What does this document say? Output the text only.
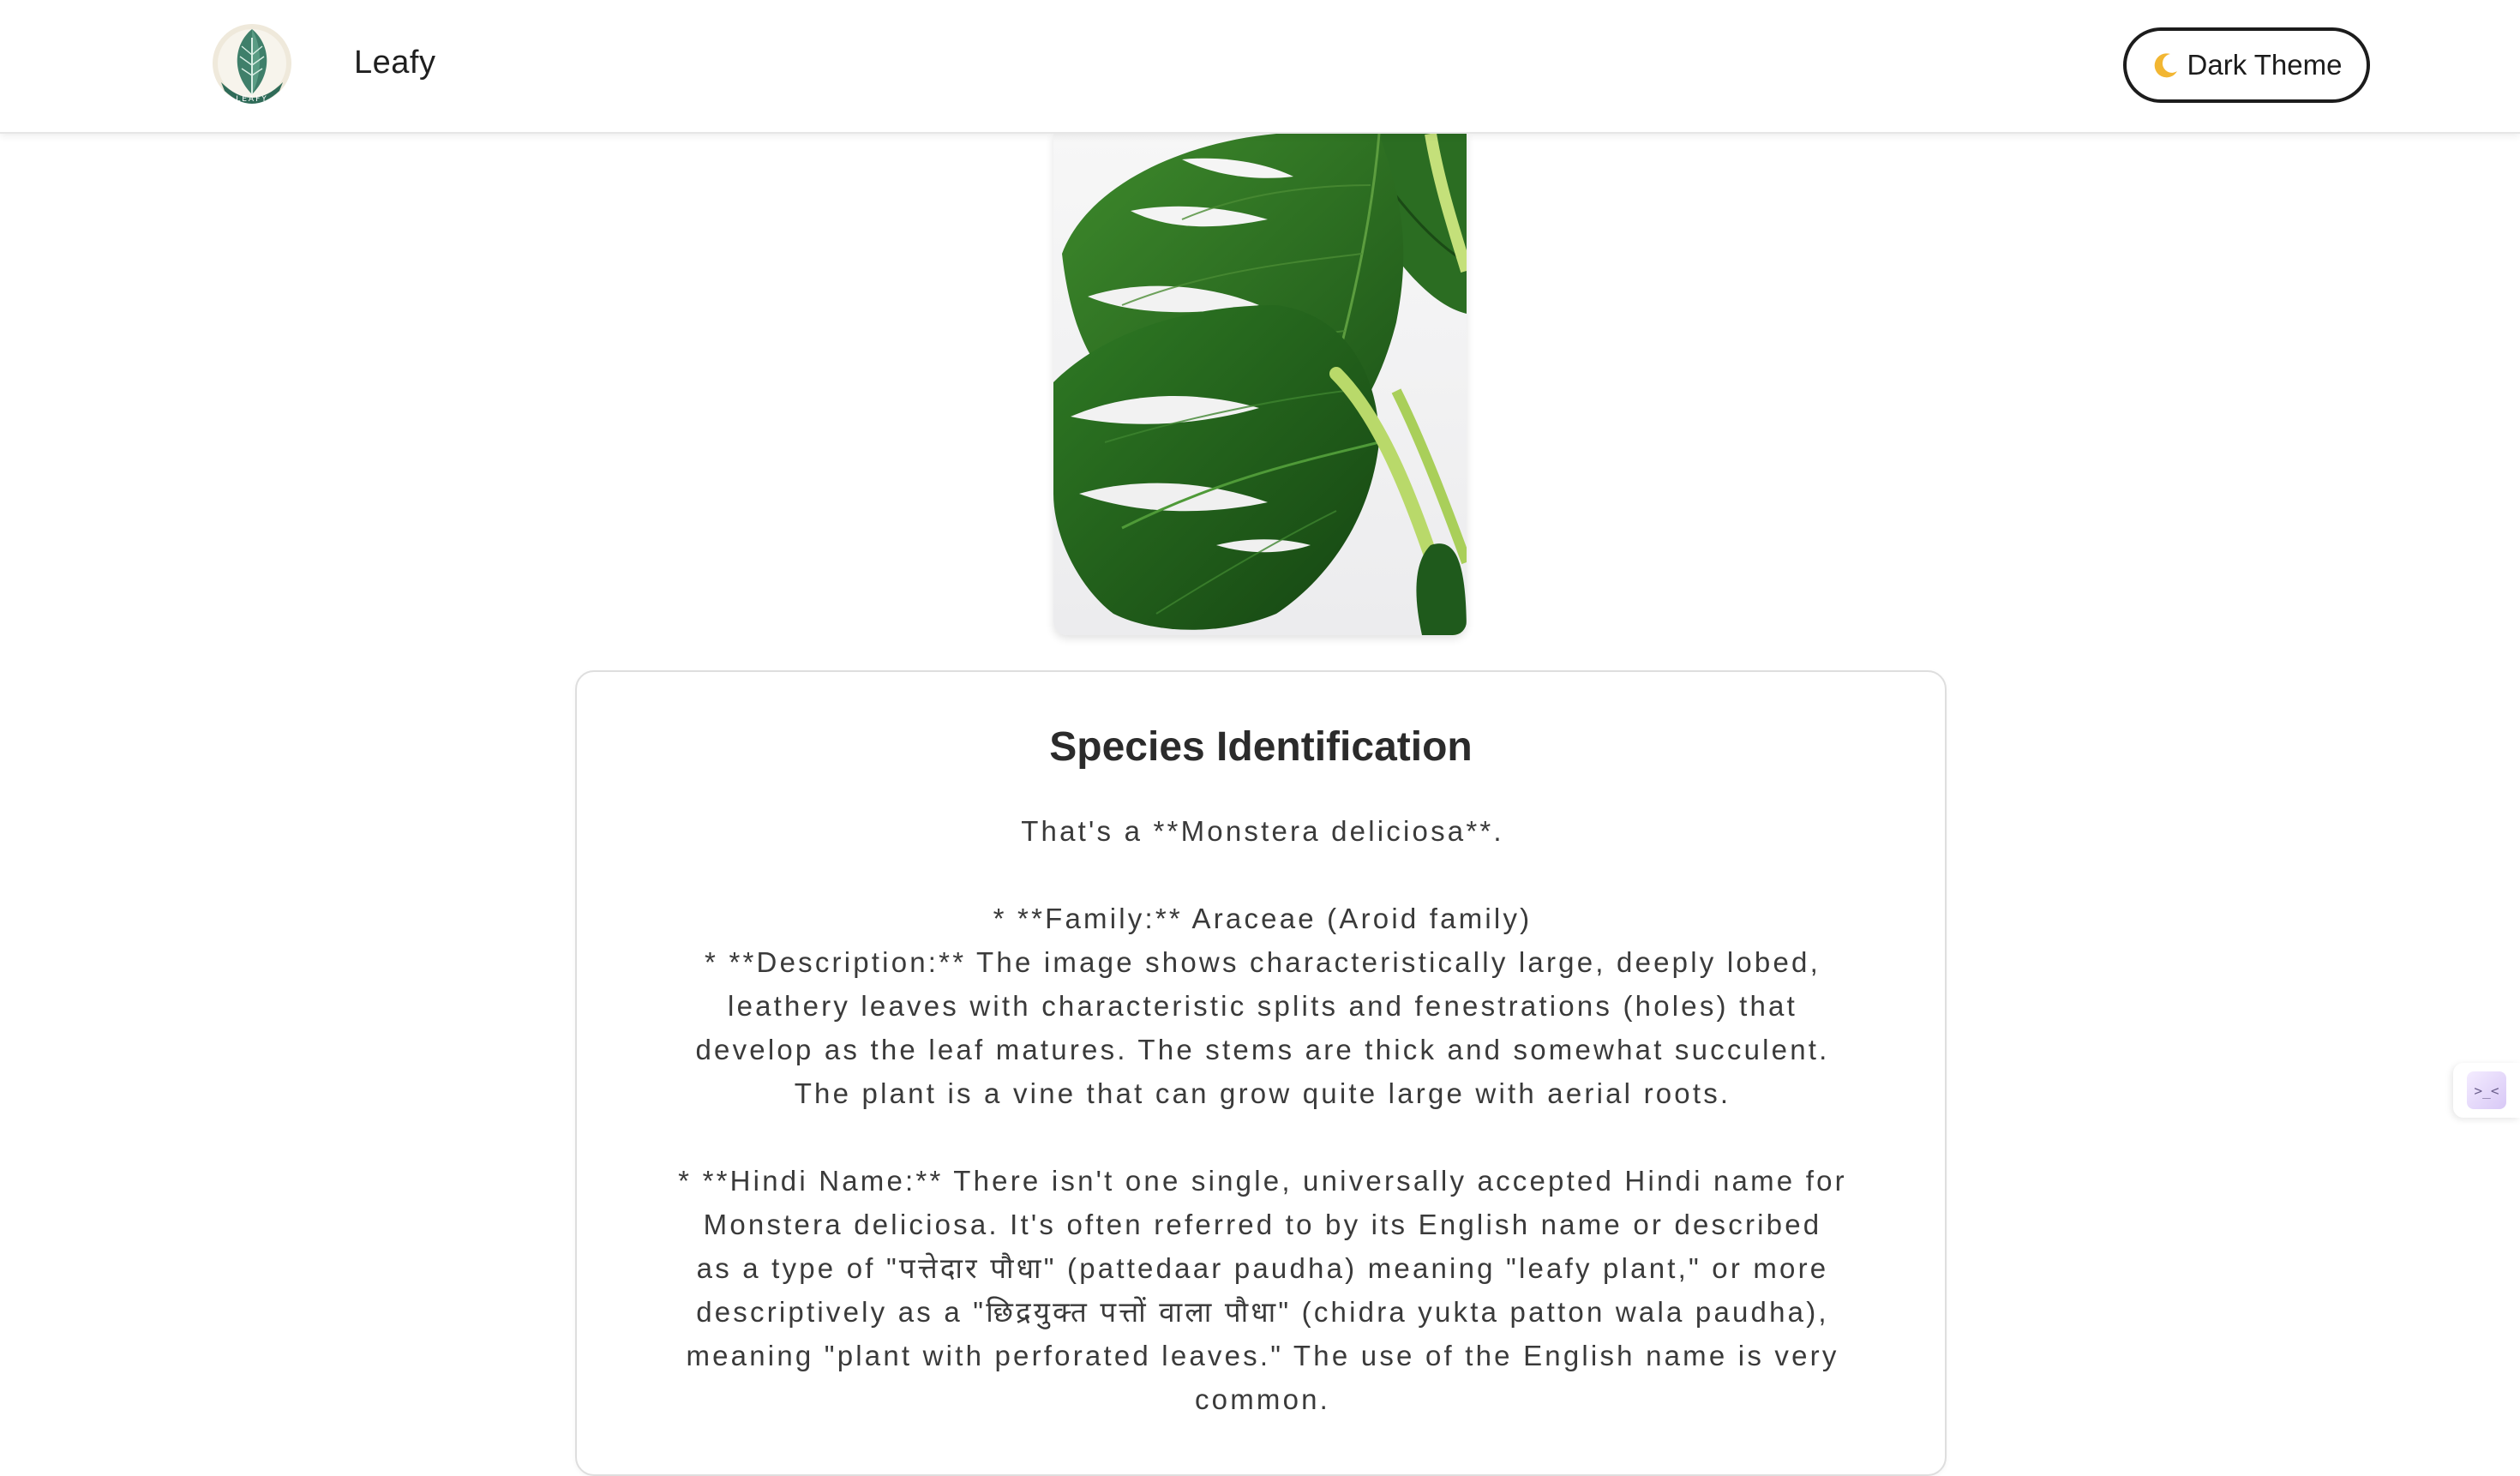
LEAFY
Leafy	Dark Theme
Species Identification

That's a **Monstera deliciosa**.

* **Family:** Araceae (Aroid family)
* **Description:** The image shows characteristically large, deeply lobed,
leathery leaves with characteristic splits and fenestrations (holes) that
develop as the leaf matures. The stems are thick and somewhat succulent.
The plant is a vine that can grow quite large with aerial roots.

* **Hindi Name:** There isn't one single, universally accepted Hindi name for
Monstera deliciosa. It's often referred to by its English name or described
as a type of "पत्तेदार पौधा" (pattedaar paudha) meaning "leafy plant," or more
descriptively as a "छिद्रयुक्त पत्तों वाला पौधा" (chidra yukta patton wala paudha),
meaning "plant with perforated leaves." The use of the English name is very
common.

>_<
